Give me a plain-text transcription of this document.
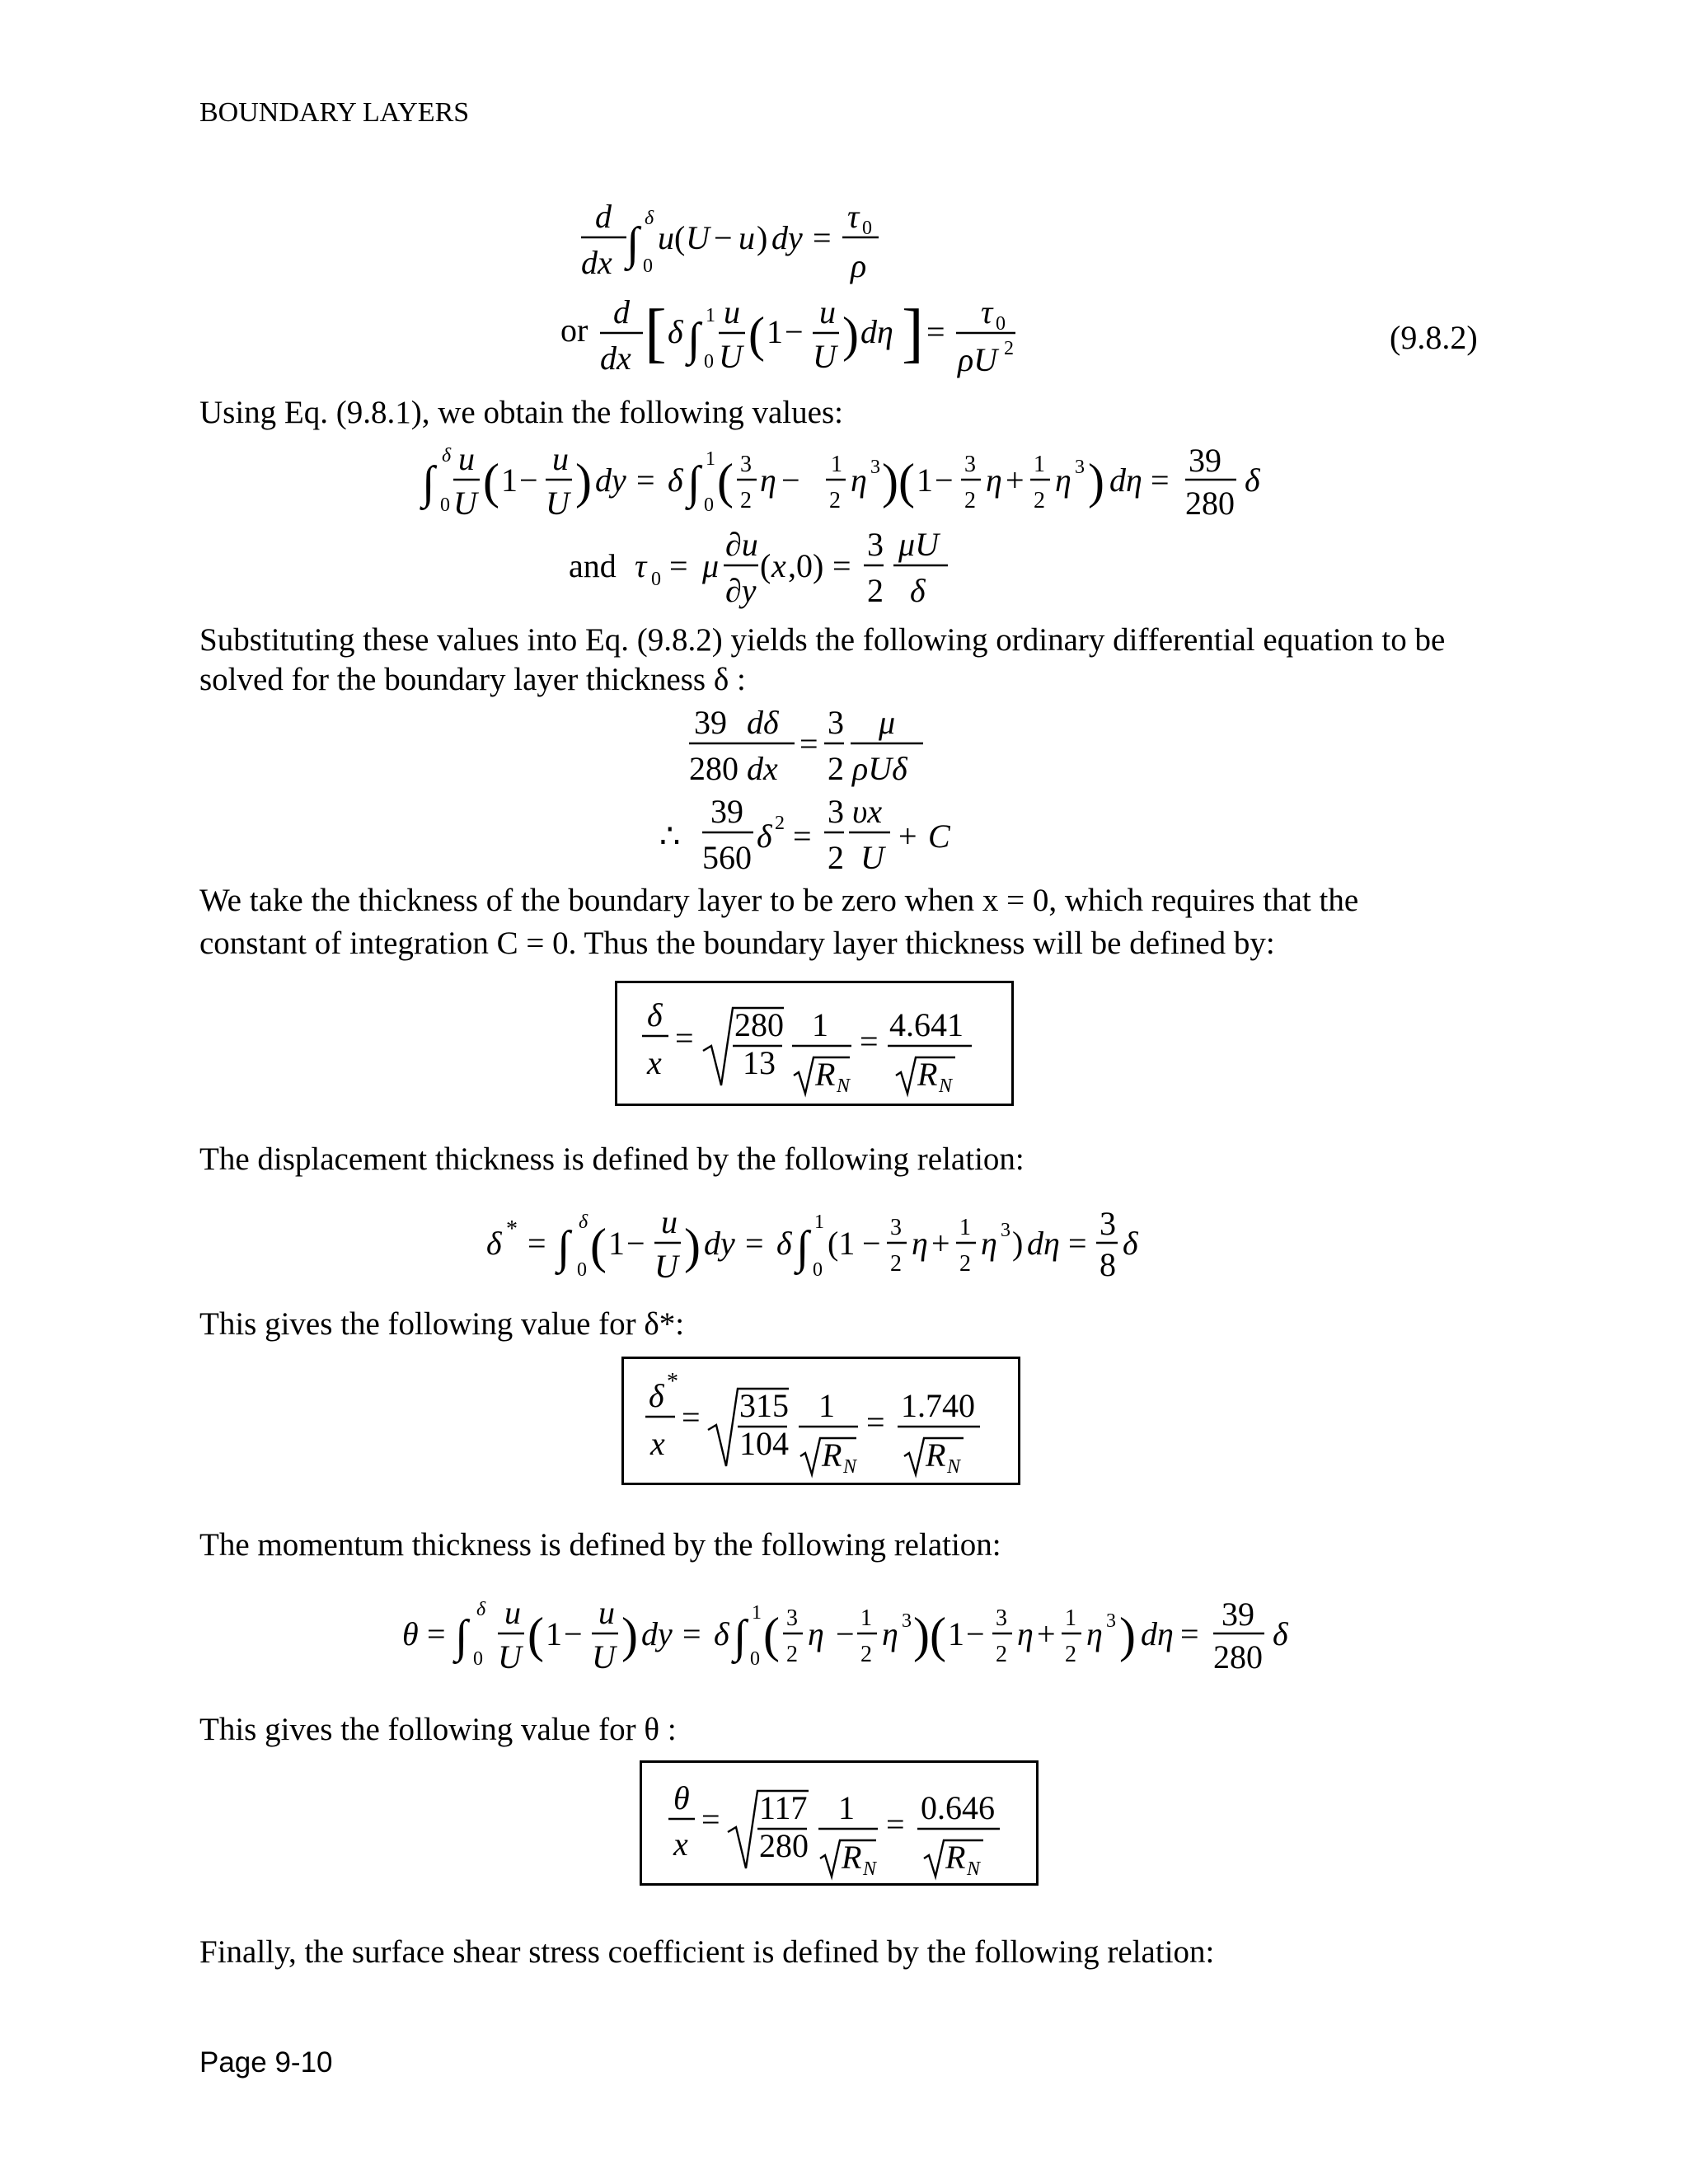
BOUNDARY LAYERS
d
dx ∫ δ
0
u ( U − u ) dy =
τ 0
ρ
or d
dx [ δ ∫ 1
0
u
U ( 1 −
u
U ) dη ] =
τ 0
ρU 2	(9.8.2)
Using Eq. (9.8.1), we obtain the following values:
∫
δ
0
u
U ( 1 −
u
U ) dy = δ ∫ 1
0 ( 3
2
η − 1
2
η 3 ) ( 1 − 3
2
η + 1
2
η 3 ) dη =
39
280
δ
and τ 0 = μ
∂u
∂y
( x ,0) =
3
2
μU
δ
Substituting these values into Eq. (9.8.2) yields the following ordinary differential equation to be
solved for the boundary layer thickness δ :
39 dδ
280 dx
=
3
2
μ
ρUδ
∴
39
560
δ 2 =
3
2
υx
U
+ C
We take the thickness of the boundary layer to be zero when x = 0, which requires that the
constant of integration C = 0. Thus the boundary layer thickness will be defined by:
δ
x
= 280
13
1
R N
= 4.641
R N
The displacement thickness is defined by the following relation:
δ * = ∫ δ
0 ( 1 −
u
U ) dy = δ ∫ 1
0
(1 − 3
2
η + 1
2
η 3 ) dη =
3
8
δ
This gives the following value for δ*:
δ *
x
= 315
104
1
R N
= 1.740
R N
The momentum thickness is defined by the following relation:
θ = ∫
δ
0
u
U ( 1 −
u
U ) dy = δ ∫ 1
0 ( 3
2
η − 1
2
η 3 ) ( 1 − 3
2
η + 1
2
η 3 ) dη =
39
280
δ
This gives the following value for θ :
θ
x
= 117
280
1
R N
= 0.646
R N
Finally, the surface shear stress coefficient is defined by the following relation:
Page 9-10
